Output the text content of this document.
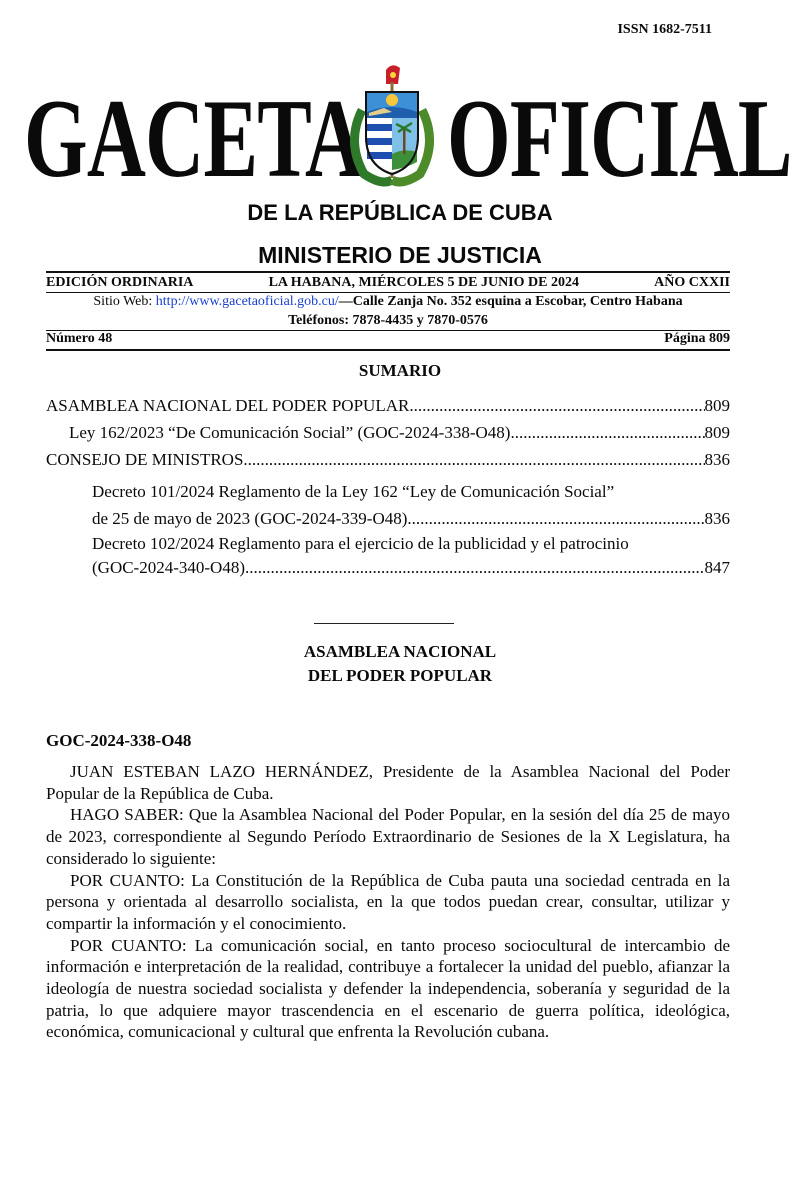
ISSN 1682-7511
GACETA OFICIAL
DE LA REPÚBLICA DE CUBA
MINISTERIO DE JUSTICIA
EDICIÓN ORDINARIA	LA HABANA, MIÉRCOLES 5 DE JUNIO DE 2024	AÑO CXXII
Sitio Web: http://www.gacetaoficial.gob.cu/—Calle Zanja No. 352 esquina a Escobar, Centro Habana
Teléfonos: 7878-4435 y 7870-0576
Número 48	Página 809
SUMARIO
ASAMBLEA NACIONAL DEL PODER POPULAR .....	809
Ley 162/2023 “De Comunicación Social” (GOC-2024-338-O48) .....	809
CONSEJO DE MINISTROS .....	836
Decreto 101/2024 Reglamento de la Ley 162 “Ley de Comunicación Social”
de 25 de mayo de 2023 (GOC-2024-339-O48) .....	836
Decreto 102/2024 Reglamento para el ejercicio de la publicidad y el patrocinio
(GOC-2024-340-O48) .....	847
ASAMBLEA NACIONAL
DEL PODER POPULAR
GOC-2024-338-O48

JUAN ESTEBAN LAZO HERNÁNDEZ, Presidente de la Asamblea Nacional del Poder Popular de la República de Cuba.

HAGO SABER: Que la Asamblea Nacional del Poder Popular, en la sesión del día 25 de mayo de 2023, correspondiente al Segundo Período Extraordinario de Sesiones de la X Legislatura, ha considerado lo siguiente:

POR CUANTO: La Constitución de la República de Cuba pauta una sociedad centrada en la persona y orientada al desarrollo socialista, en la que todos puedan crear, consultar, utilizar y compartir la información y el conocimiento.

POR CUANTO: La comunicación social, en tanto proceso sociocultural de intercambio de información e interpretación de la realidad, contribuye a fortalecer la unidad del pueblo, afianzar la ideología de nuestra sociedad socialista y defender la independencia, soberanía y seguridad de la patria, lo que adquiere mayor trascendencia en el escenario de guerra política, ideológica, económica, comunicacional y cultural que enfrenta la Revolución cubana.
